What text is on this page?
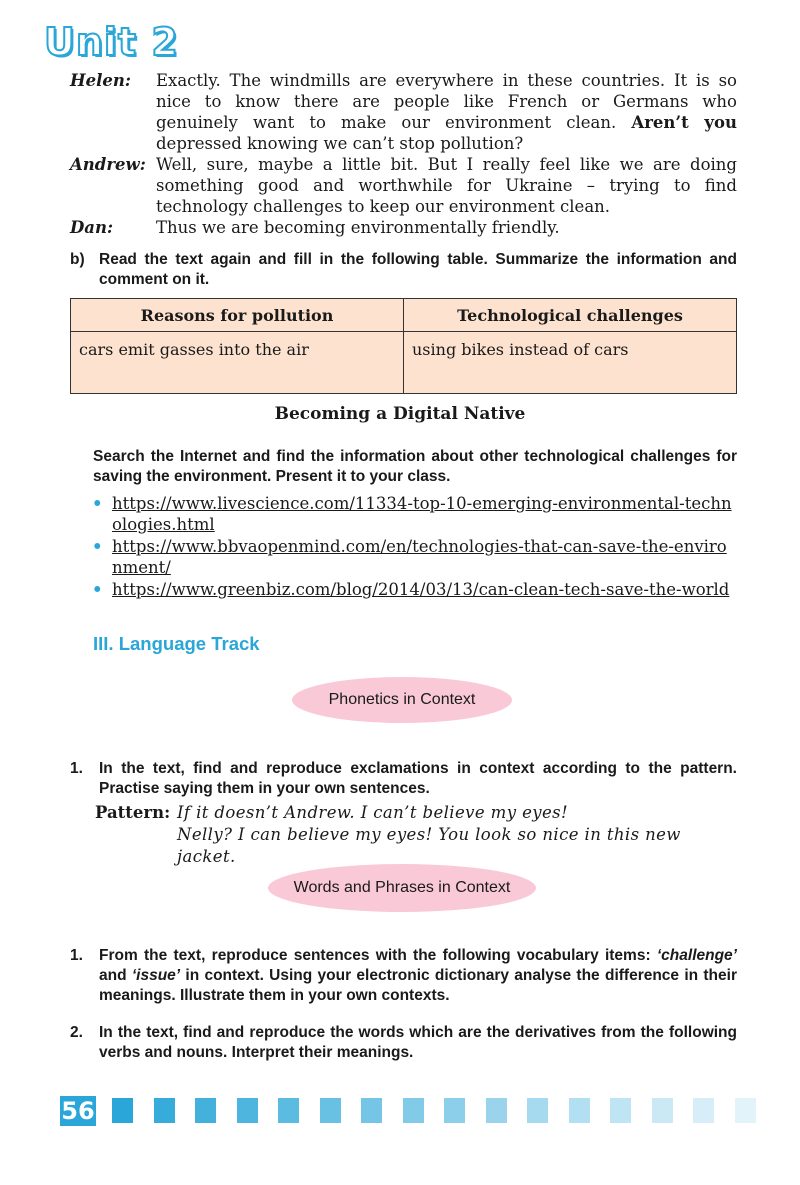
Unit 2
Helen:	Exactly. The windmills are everywhere in these countries. It is so nice to know there are people like French or Germans who genuinely want to make our environment clean. Aren’t you depressed knowing we can’t stop pollution?
Andrew: Well, sure, maybe a little bit. But I really feel like we are doing something good and worthwhile for Ukraine – trying to find technology challenges to keep our environment clean.
Dan:	Thus we are becoming environmentally friendly.
b) Read the text again and fill in the following table. Summarize the information and comment on it.
Reasons for pollution	Technological challenges
cars emit gasses into the air	using bikes instead of cars
Becoming a Digital Native
Search the Internet and find the information about other technological challenges for saving the environment. Present it to your class.
• https://www.livescience.com/11334-top-10-emerging-environmental-technologies.html
• https://www.bbvaopenmind.com/en/technologies-that-can-save-the-environment/
• https://www.greenbiz.com/blog/2014/03/13/can-clean-tech-save-the-world
III. Language Track
Phonetics in Context
1.	In the text, find and reproduce exclamations in context according to the pattern. Practise saying them in your own sentences.
Pattern: If it doesn’t Andrew. I can’t believe my eyes!
Nelly? I can believe my eyes! You look so nice in this new jacket.
Words and Phrases in Context
1.	From the text, reproduce sentences with the following vocabulary items: ‘challenge’ and ‘issue’ in context. Using your electronic dictionary analyse the difference in their meanings. Illustrate them in your own contexts.
2.	In the text, find and reproduce the words which are the derivatives from the following verbs and nouns. Interpret their meanings.
56
